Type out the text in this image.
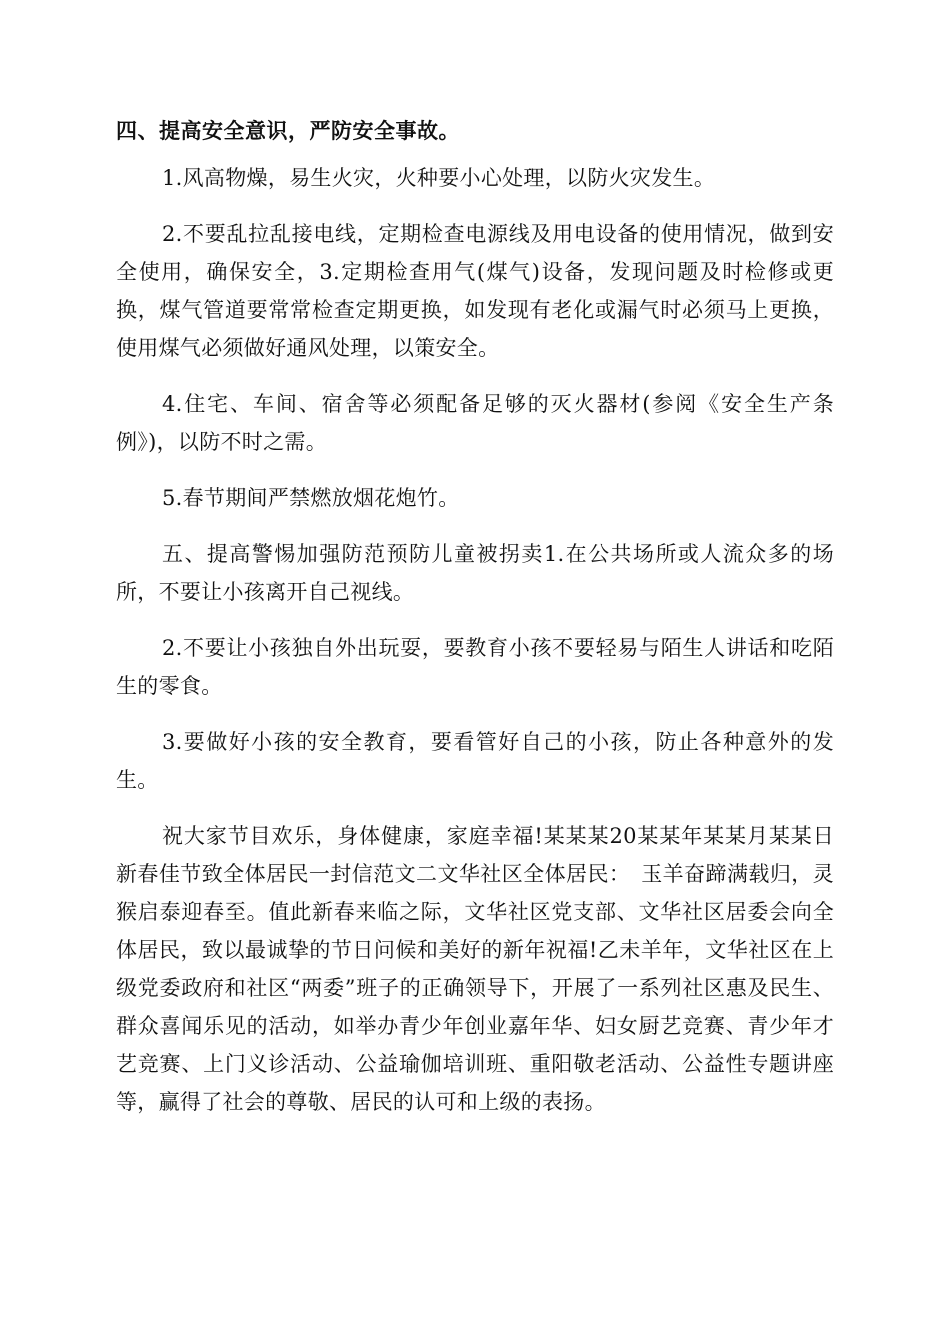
四、提高安全意识，严防安全事故。

1.风高物燥，易生火灾，火种要小心处理，以防火灾发生。

2.不要乱拉乱接电线，定期检查电源线及用电设备的使用情况，做到安全使用，确保安全，3.定期检查用气(煤气)设备，发现问题及时检修或更换，煤气管道要常常检查定期更换，如发现有老化或漏气时必须马上更换，使用煤气必须做好通风处理，以策安全。

4.住宅、车间、宿舍等必须配备足够的灭火器材(参阅《安全生产条例》)，以防不时之需。

5.春节期间严禁燃放烟花炮竹。

五、提高警惕加强防范预防儿童被拐卖1.在公共场所或人流众多的场所，不要让小孩离开自己视线。

2.不要让小孩独自外出玩耍，要教育小孩不要轻易与陌生人讲话和吃陌生的零食。

3.要做好小孩的安全教育，要看管好自己的小孩，防止各种意外的发生。

祝大家节目欢乐，身体健康，家庭幸福!某某某20某某年某某月某某日新春佳节致全体居民一封信范文二文华社区全体居民：　玉羊奋蹄满载归，灵猴启泰迎春至。值此新春来临之际，文华社区党支部、文华社区居委会向全体居民，致以最诚挚的节日问候和美好的新年祝福!乙未羊年，文华社区在上级党委政府和社区“两委”班子的正确领导下，开展了一系列社区惠及民生、群众喜闻乐见的活动，如举办青少年创业嘉年华、妇女厨艺竞赛、青少年才艺竞赛、上门义诊活动、公益瑜伽培训班、重阳敬老活动、公益性专题讲座等，赢得了社会的尊敬、居民的认可和上级的表扬。
